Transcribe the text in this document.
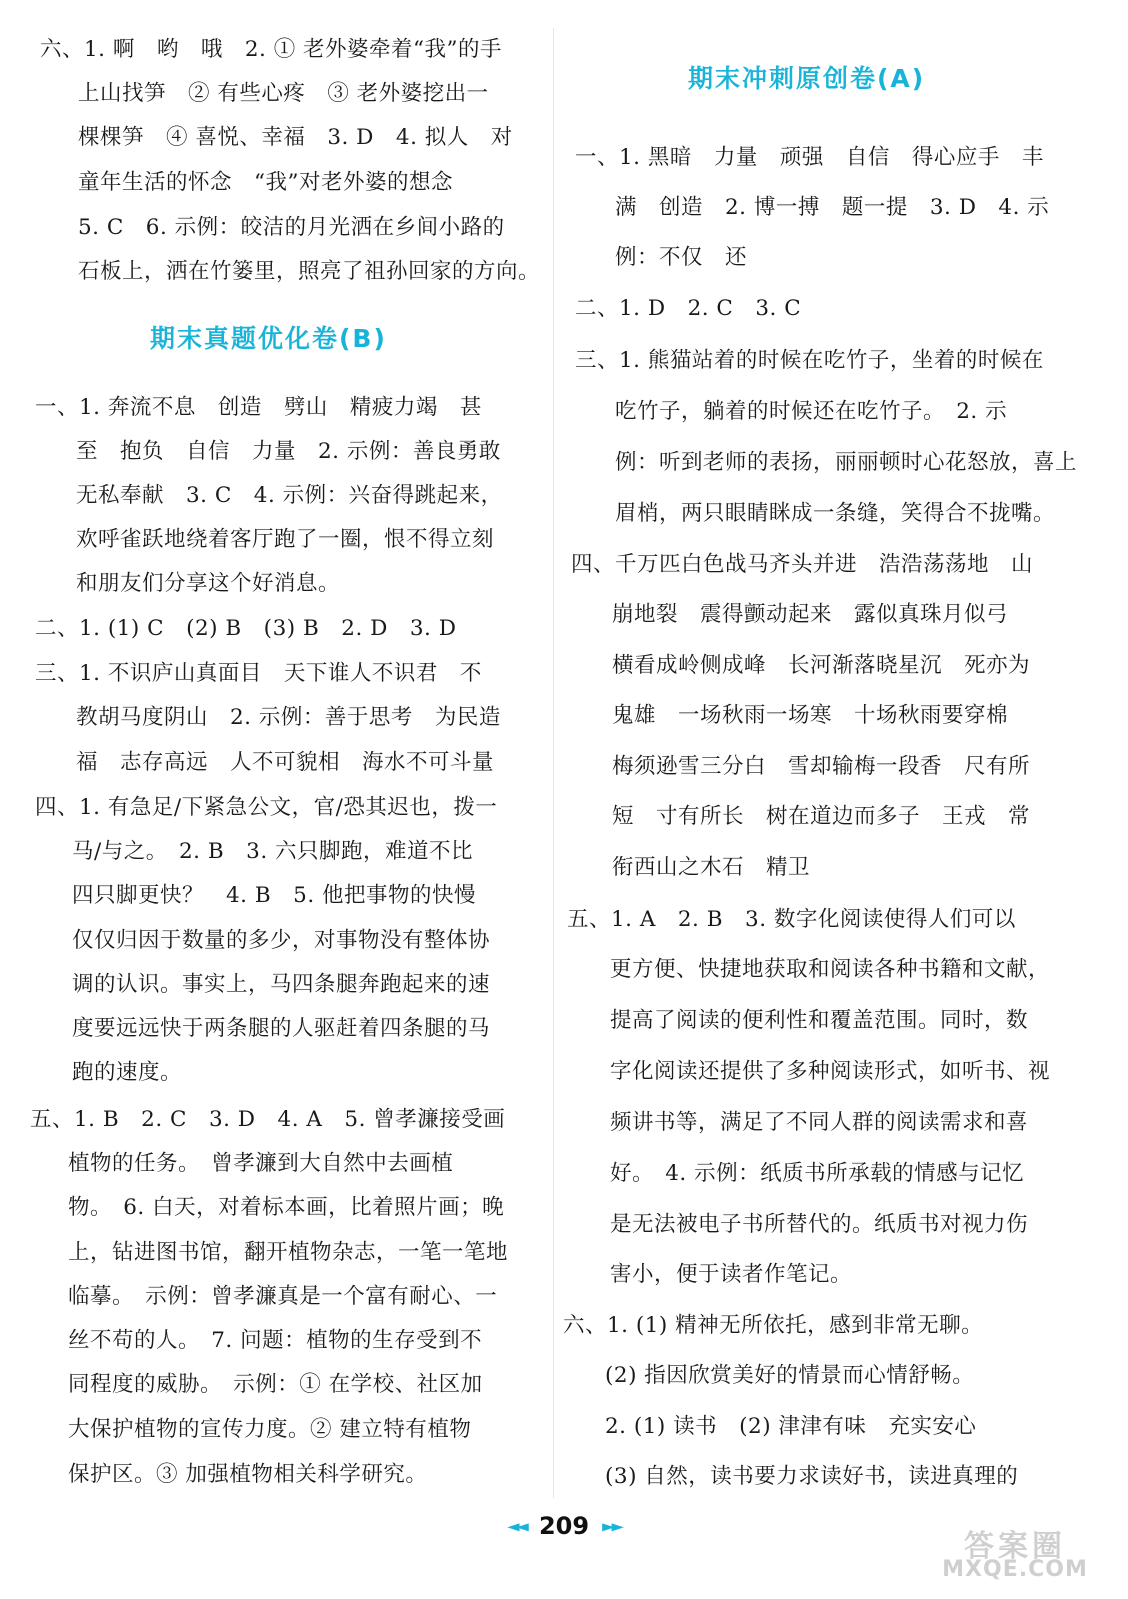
六、1. 啊　哟　哦　2. ① 老外婆牵着“我”的手
上山找笋　② 有些心疼　③ 老外婆挖出一
棵棵笋　④ 喜悦、幸福　3. D　4. 拟人　对
童年生活的怀念　“我”对老外婆的想念
5. C　6. 示例：皎洁的月光洒在乡间小路的
石板上，洒在竹篓里，照亮了祖孙回家的方向。
期末真题优化卷(B)
一、1. 奔流不息　创造　劈山　精疲力竭　甚
至　抱负　自信　力量　2. 示例：善良勇敢
无私奉献　3. C　4. 示例：兴奋得跳起来，
欢呼雀跃地绕着客厅跑了一圈，恨不得立刻
和朋友们分享这个好消息。
二、1. (1) C　(2) B　(3) B　2. D　3. D
三、1. 不识庐山真面目　天下谁人不识君　不
教胡马度阴山　2. 示例：善于思考　为民造
福　志存高远　人不可貌相　海水不可斗量
四、1. 有急足/下紧急公文，官/恐其迟也，拨一
马/与之。　2. B　3. 六只脚跑，难道不比
四只脚更快？　4. B　5. 他把事物的快慢
仅仅归因于数量的多少，对事物没有整体协
调的认识。事实上，马四条腿奔跑起来的速
度要远远快于两条腿的人驱赶着四条腿的马
跑的速度。
五、1. B　2. C　3. D　4. A　5. 曾孝濂接受画
植物的任务。　曾孝濂到大自然中去画植
物。　6. 白天，对着标本画，比着照片画；晚
上，钻进图书馆，翻开植物杂志，一笔一笔地
临摹。　示例：曾孝濂真是一个富有耐心、一
丝不苟的人。　7. 问题：植物的生存受到不
同程度的威胁。　示例：① 在学校、社区加
大保护植物的宣传力度。② 建立特有植物
保护区。③ 加强植物相关科学研究。
期末冲刺原创卷(A)
一、1. 黑暗　力量　顽强　自信　得心应手　丰
满　创造　2. 博一搏　题一提　3. D　4. 示
例：不仅　还
二、1. D　2. C　3. C
三、1. 熊猫站着的时候在吃竹子，坐着的时候在
吃竹子，躺着的时候还在吃竹子。　2. 示
例：听到老师的表扬，丽丽顿时心花怒放，喜上
眉梢，两只眼睛眯成一条缝，笑得合不拢嘴。
四、千万匹白色战马齐头并进　浩浩荡荡地　山
崩地裂　震得颤动起来　露似真珠月似弓
横看成岭侧成峰　长河渐落晓星沉　死亦为
鬼雄　一场秋雨一场寒　十场秋雨要穿棉
梅须逊雪三分白　雪却输梅一段香　尺有所
短　寸有所长　树在道边而多子　王戎　常
衔西山之木石　精卫
五、1. A　2. B　3. 数字化阅读使得人们可以
更方便、快捷地获取和阅读各种书籍和文献，
提高了阅读的便利性和覆盖范围。同时，数
字化阅读还提供了多种阅读形式，如听书、视
频讲书等，满足了不同人群的阅读需求和喜
好。　4. 示例：纸质书所承载的情感与记忆
是无法被电子书所替代的。纸质书对视力伤
害小，便于读者作笔记。
六、1. (1) 精神无所依托，感到非常无聊。
(2) 指因欣赏美好的情景而心情舒畅。
2. (1) 读书　(2) 津津有味　充实安心
(3) 自然，读书要力求读好书，读进真理的
◄◄ 209 ►►
答案圈
MXQE.COM
